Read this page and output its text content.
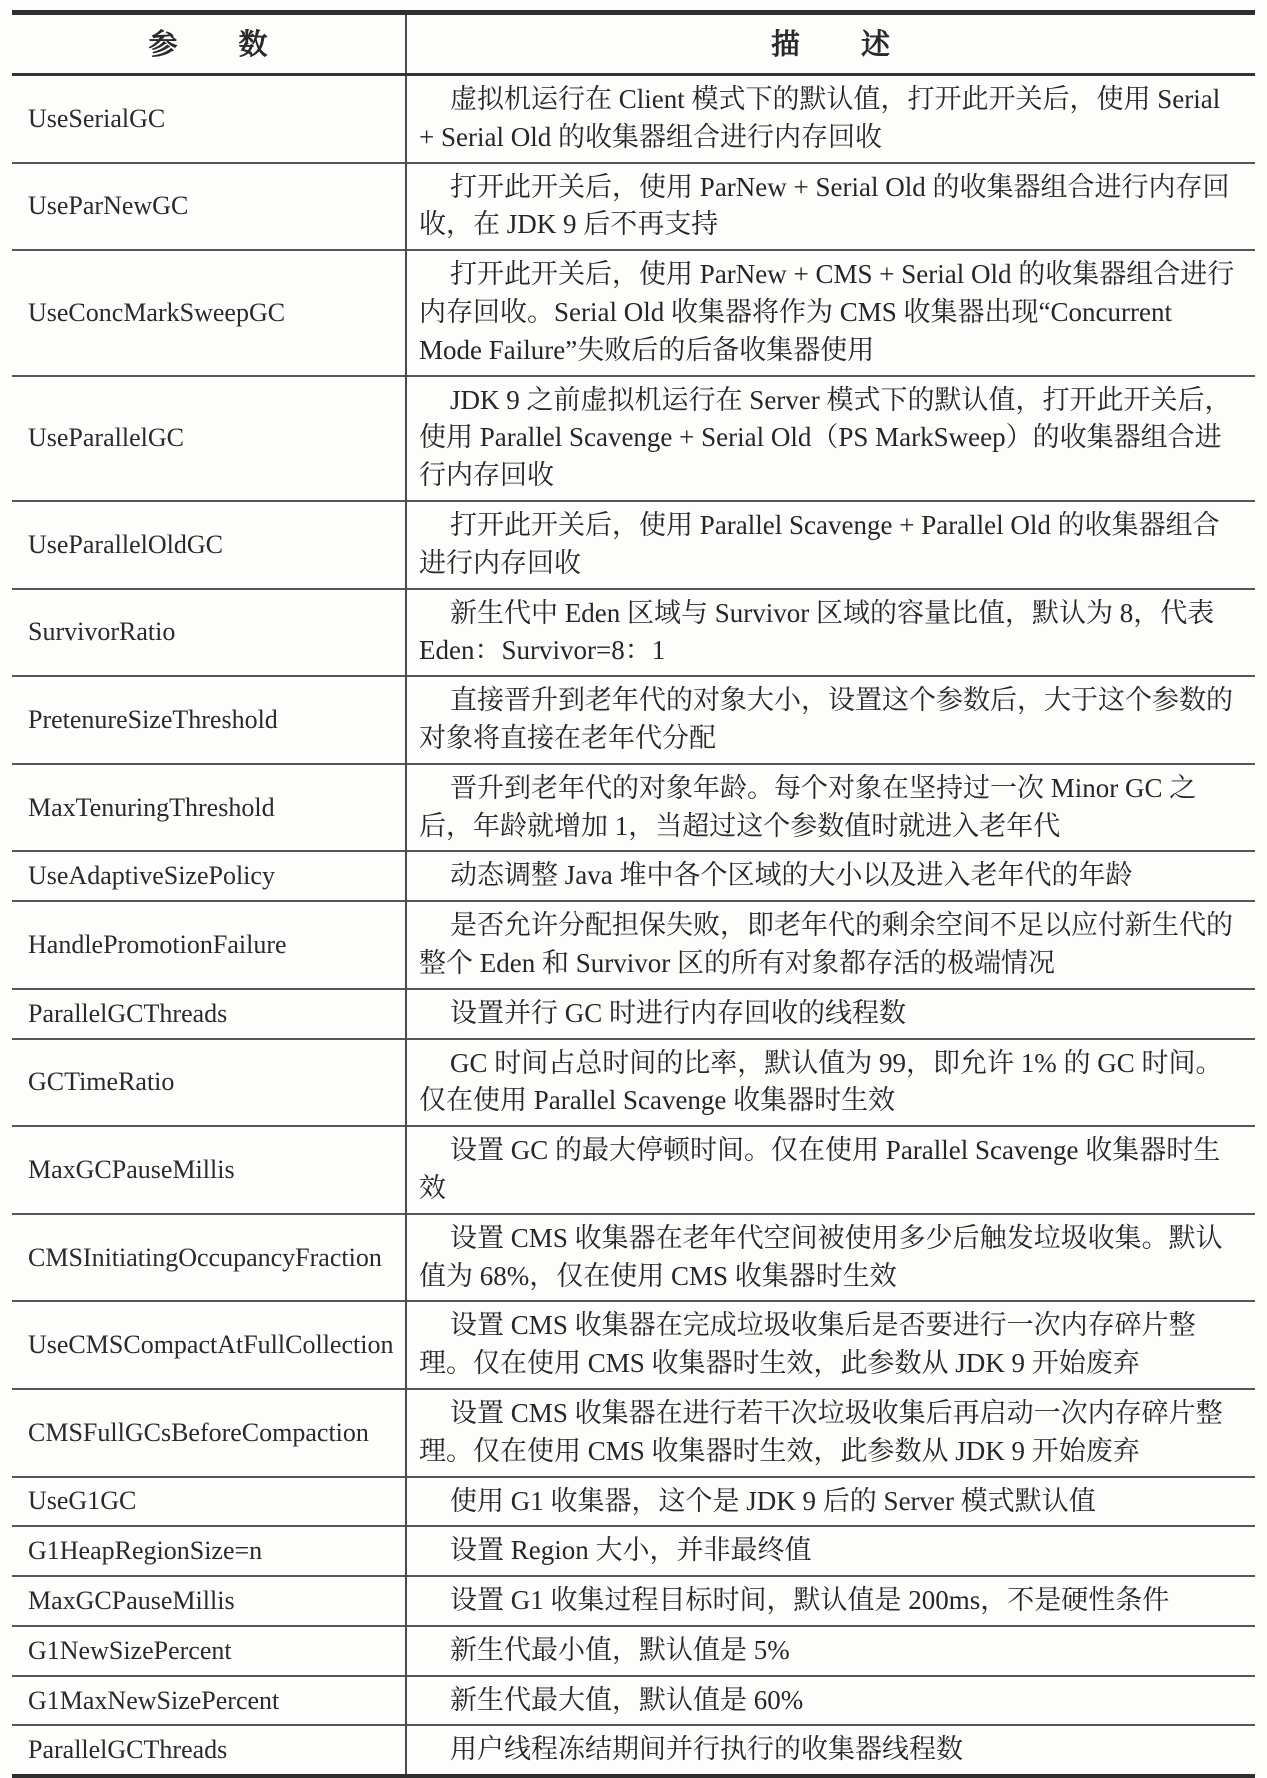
参　　数	描　　述
UseSerialGC	虚拟机运行在 Client 模式下的默认值，打开此开关后，使用 Serial + Serial Old 的收集器组合进行内存回收
UseParNewGC	打开此开关后，使用 ParNew + Serial Old 的收集器组合进行内存回收，在 JDK 9 后不再支持
UseConcMarkSweepGC	打开此开关后，使用 ParNew + CMS + Serial Old 的收集器组合进行内存回收。Serial Old 收集器将作为 CMS 收集器出现“Concurrent Mode Failure”失败后的后备收集器使用
UseParallelGC	JDK 9 之前虚拟机运行在 Server 模式下的默认值，打开此开关后，使用 Parallel Scavenge + Serial Old（PS MarkSweep）的收集器组合进行内存回收
UseParallelOldGC	打开此开关后，使用 Parallel Scavenge + Parallel Old 的收集器组合进行内存回收
SurvivorRatio	新生代中 Eden 区域与 Survivor 区域的容量比值，默认为 8，代表 Eden：Survivor=8：1
PretenureSizeThreshold	直接晋升到老年代的对象大小，设置这个参数后，大于这个参数的对象将直接在老年代分配
MaxTenuringThreshold	晋升到老年代的对象年龄。每个对象在坚持过一次 Minor GC 之后，年龄就增加 1，当超过这个参数值时就进入老年代
UseAdaptiveSizePolicy	动态调整 Java 堆中各个区域的大小以及进入老年代的年龄
HandlePromotionFailure	是否允许分配担保失败，即老年代的剩余空间不足以应付新生代的整个 Eden 和 Survivor 区的所有对象都存活的极端情况
ParallelGCThreads	设置并行 GC 时进行内存回收的线程数
GCTimeRatio	GC 时间占总时间的比率，默认值为 99，即允许 1% 的 GC 时间。仅在使用 Parallel Scavenge 收集器时生效
MaxGCPauseMillis	设置 GC 的最大停顿时间。仅在使用 Parallel Scavenge 收集器时生效
CMSInitiatingOccupancyFraction	设置 CMS 收集器在老年代空间被使用多少后触发垃圾收集。默认值为 68%，仅在使用 CMS 收集器时生效
UseCMSCompactAtFullCollection	设置 CMS 收集器在完成垃圾收集后是否要进行一次内存碎片整理。仅在使用 CMS 收集器时生效，此参数从 JDK 9 开始废弃
CMSFullGCsBeforeCompaction	设置 CMS 收集器在进行若干次垃圾收集后再启动一次内存碎片整理。仅在使用 CMS 收集器时生效，此参数从 JDK 9 开始废弃
UseG1GC	使用 G1 收集器，这个是 JDK 9 后的 Server 模式默认值
G1HeapRegionSize=n	设置 Region 大小，并非最终值
MaxGCPauseMillis	设置 G1 收集过程目标时间，默认值是 200ms，不是硬性条件
G1NewSizePercent	新生代最小值，默认值是 5%
G1MaxNewSizePercent	新生代最大值，默认值是 60%
ParallelGCThreads	用户线程冻结期间并行执行的收集器线程数
